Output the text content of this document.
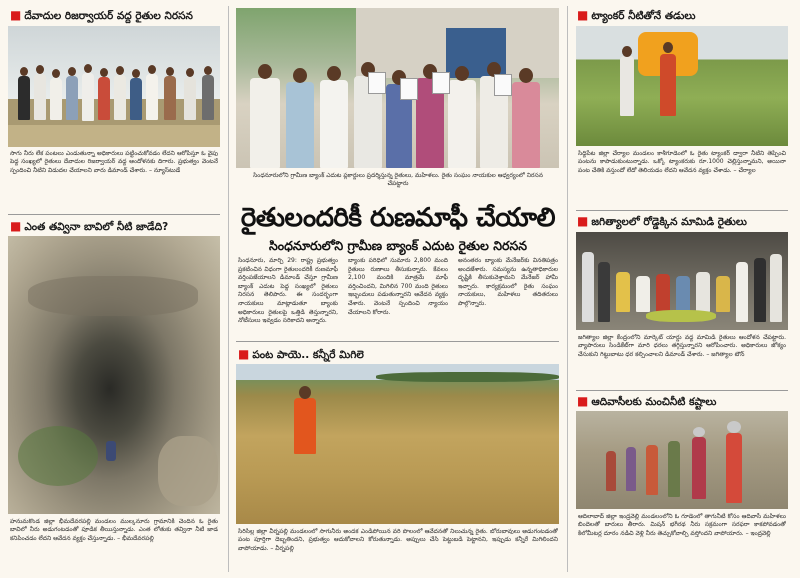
■ దేవాదుల రిజర్వాయర్ వద్ద రైతుల నిరసన
సాగు నీరు లేక పంటలు ఎండుతున్నా అధికారులు పట్టించుకోవడం లేదని ఆరోపిస్తూ ఓ వైపు పెద్ద సంఖ్యలో రైతులు దేవాదుల రిజర్వాయర్ వద్ద ఆందోళనకు దిగారు. ప్రభుత్వం వెంటనే స్పందించి నీటిని విడుదల చేయాలని వారు డిమాండ్ చేశారు. – న్యూస్‌టుడే
■ ఎంత తవ్వినా బావిలో నీటి జాడేది?
హనుమకొండ జిల్లా భీమదేవరపల్లి మండలం ముల్కనూరు గ్రామానికి చెందిన ఓ రైతు బావిలో నీరు అడుగంటడంతో పూడిక తీయిస్తున్నాడు. ఎంత లోతుకు తవ్వినా నీటి జాడ కనిపించడం లేదని ఆవేదన వ్యక్తం చేస్తున్నాడు. – భీమదేవరపల్లి
సింధనూరులోని గ్రామీణ బ్యాంక్ ఎదుట ప్లకార్డులు ప్రదర్శిస్తున్న రైతులు, మహిళలు. రైతు సంఘం నాయకుల ఆధ్వర్యంలో నిరసన చేపట్టారు
రైతులందరికీ రుణమాఫీ చేయాలి
సింధనూరులోని గ్రామీణ బ్యాంక్ ఎదుట రైతుల నిరసన
సింధనూరు, మార్చి 29: రాష్ట్ర ప్రభుత్వం ప్రకటించిన విధంగా రైతులందరికీ రుణమాఫీ వర్తింపజేయాలని డిమాండ్ చేస్తూ గ్రామీణ బ్యాంక్ ఎదుట పెద్ద సంఖ్యలో రైతులు నిరసన తెలిపారు. ఈ సందర్భంగా నాయకులు మాట్లాడుతూ బ్యాంకు అధికారులు రైతులపై ఒత్తిడి తెస్తున్నారని, నోటీసులు ఇవ్వడం సరికాదని అన్నారు.
బ్యాంకు పరిధిలో సుమారు 2,800 మంది రైతులు రుణాలు తీసుకున్నారు. కేవలం 2,100 మందికి మాత్రమే మాఫీ వర్తించిందని, మిగిలిన 700 మంది రైతులు ఇబ్బందులు పడుతున్నారని ఆవేదన వ్యక్తం చేశారు. వెంటనే స్పందించి న్యాయం చేయాలని కోరారు.
అనంతరం బ్యాంకు మేనేజర్‌కు వినతిపత్రం అందజేశారు. సమస్యను ఉన్నతాధికారుల దృష్టికి తీసుకువెళ్తామని మేనేజర్ హామీ ఇచ్చారు. కార్యక్రమంలో రైతు సంఘం నాయకులు, మహిళలు తదితరులు పాల్గొన్నారు.
■ పంట పాయె.. కన్నీరే మిగిలె
సిరిసిల్ల జిల్లా వీర్నపల్లి మండలంలో సాగునీరు అందక ఎండిపోయిన వరి పొలంలో ఆవేదనతో నిలుచున్న రైతు. బోరుబావులు అడుగంటడంతో పంట పూర్తిగా దెబ్బతిందని, ప్రభుత్వం ఆదుకోవాలని కోరుతున్నాడు. అప్పులు చేసి పెట్టుబడి పెట్టానని, ఇప్పుడు కన్నీరే మిగిలిందని వాపోయాడు. – వీర్నపల్లి
■ ట్యాంకర్ నీటితోనే తడులు
సిద్దిపేట జిల్లా చేర్యాల మండలం కాశీగూడెంలో ఓ రైతు ట్యాంకర్ ద్వారా నీటిని తెప్పించి పంటను కాపాడుకుంటున్నాడు. ఒక్కో ట్యాంకరుకు రూ.1000 చెల్లిస్తున్నామని, అయినా పంట చేతికి వస్తుందో లేదో తెలియడం లేదని ఆవేదన వ్యక్తం చేశాడు. – చేర్యాల
■ జగిత్యాలలో రోడ్డెక్కిన మామిడి రైతులు
జగిత్యాల జిల్లా కేంద్రంలోని మార్కెట్ యార్డు వద్ద మామిడి రైతులు ఆందోళన చేపట్టారు. వ్యాపారులు సిండికేట్‌గా మారి ధరలు తగ్గిస్తున్నారని ఆరోపించారు. అధికారులు జోక్యం చేసుకుని గిట్టుబాటు ధర కల్పించాలని డిమాండ్ చేశారు. – జగిత్యాల టౌన్
■ ఆదివాసీలకు మంచినీటి కష్టాలు
ఆదిలాబాద్ జిల్లా ఇంద్రవెల్లి మండలంలోని ఓ గూడెంలో తాగునీటి కోసం ఆదివాసీ మహిళలు బిందెలతో బారులు తీరారు. మిషన్ భగీరథ నీరు సక్రమంగా సరఫరా కాకపోవడంతో కిలోమీటర్ల దూరం నడిచి వెళ్లి నీరు తెచ్చుకోవాల్సి వస్తోందని వాపోయారు. – ఇంద్రవెల్లి
